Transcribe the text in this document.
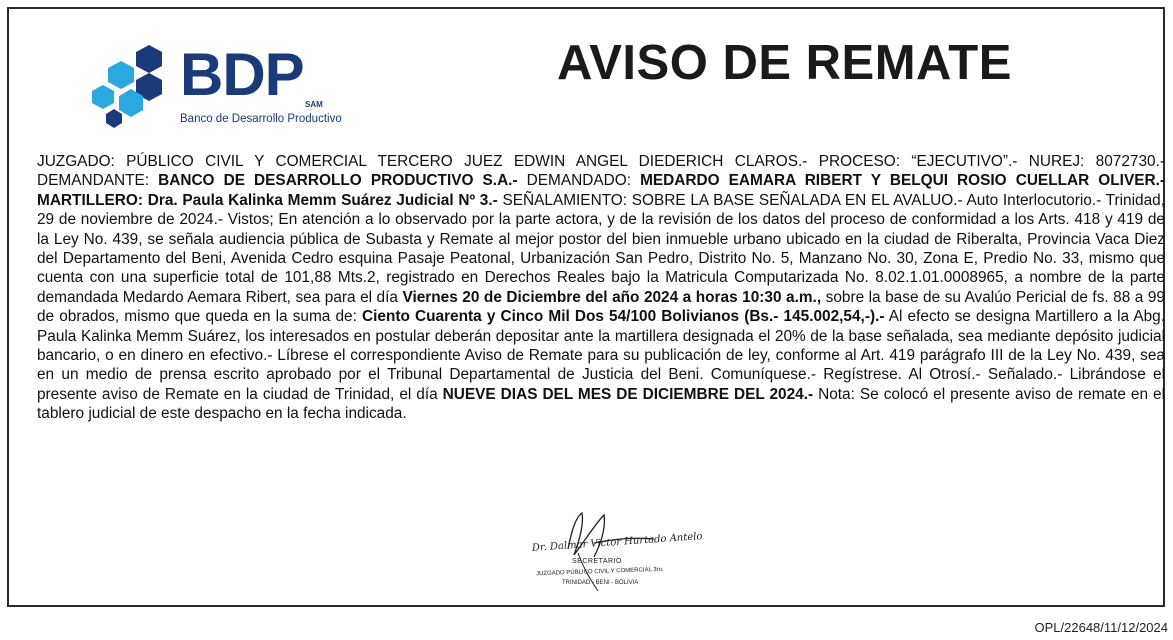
BDP SAM
Banco de Desarrollo Productivo
AVISO DE REMATE
JUZGADO: PÚBLICO CIVIL Y COMERCIAL TERCERO JUEZ EDWIN ANGEL DIEDERICH CLAROS.- PROCESO: “EJECUTIVO”.- NUREJ: 8072730.- DEMANDANTE: BANCO DE DESARROLLO PRODUCTIVO S.A.- DEMANDADO: MEDARDO EAMARA RIBERT Y BELQUI ROSIO CUELLAR OLIVER.- MARTILLERO: Dra. Paula Kalinka Memm Suárez Judicial Nº 3.- SEÑALAMIENTO: SOBRE LA BASE SEÑALADA EN EL AVALUO.- Auto Interlocutorio.- Trinidad, 29 de noviembre de 2024.- Vistos; En atención a lo observado por la parte actora, y de la revisión de los datos del proceso de conformidad a los Arts. 418 y 419 de la Ley No. 439, se señala audiencia pública de Subasta y Remate al mejor postor del bien inmueble urbano ubicado en la ciudad de Riberalta, Provincia Vaca Diez del Departamento del Beni, Avenida Cedro esquina Pasaje Peatonal, Urbanización San Pedro, Distrito No. 5, Manzano No. 30, Zona E, Predio No. 33, mismo que cuenta con una superficie total de 101,88 Mts.2, registrado en Derechos Reales bajo la Matricula Computarizada No. 8.02.1.01.0008965, a nombre de la parte demandada Medardo Aemara Ribert, sea para el día Viernes 20 de Diciembre del año 2024 a horas 10:30 a.m., sobre la base de su Avalúo Pericial de fs. 88 a 99 de obrados, mismo que queda en la suma de: Ciento Cuarenta y Cinco Mil Dos 54/100 Bolivianos (Bs.- 145.002,54,-).- Al efecto se designa Martillero a la Abg. Paula Kalinka Memm Suárez, los interesados en postular deberán depositar ante la martillera designada el 20% de la base señalada, sea mediante depósito judicial bancario, o en dinero en efectivo.- Líbrese el correspondiente Aviso de Remate para su publicación de ley, conforme al Art. 419 parágrafo III de la Ley No. 439, sea en un medio de prensa escrito aprobado por el Tribunal Departamental de Justicia del Beni. Comuníquese.- Regístrese. Al Otrosí.- Señalado.- Librándose el presente aviso de Remate en la ciudad de Trinidad, el día NUEVE DIAS DEL MES DE DICIEMBRE DEL 2024.- Nota: Se colocó el presente aviso de remate en el tablero judicial de este despacho en la fecha indicada.
Dr. Dalmar Victor Hurtado Antelo
SECRETARIO
JUZGADO PÚBLICO CIVIL Y COMERCIAL 3ro.
TRINIDAD - BENI - BOLIVIA
OPL/22648/11/12/2024
